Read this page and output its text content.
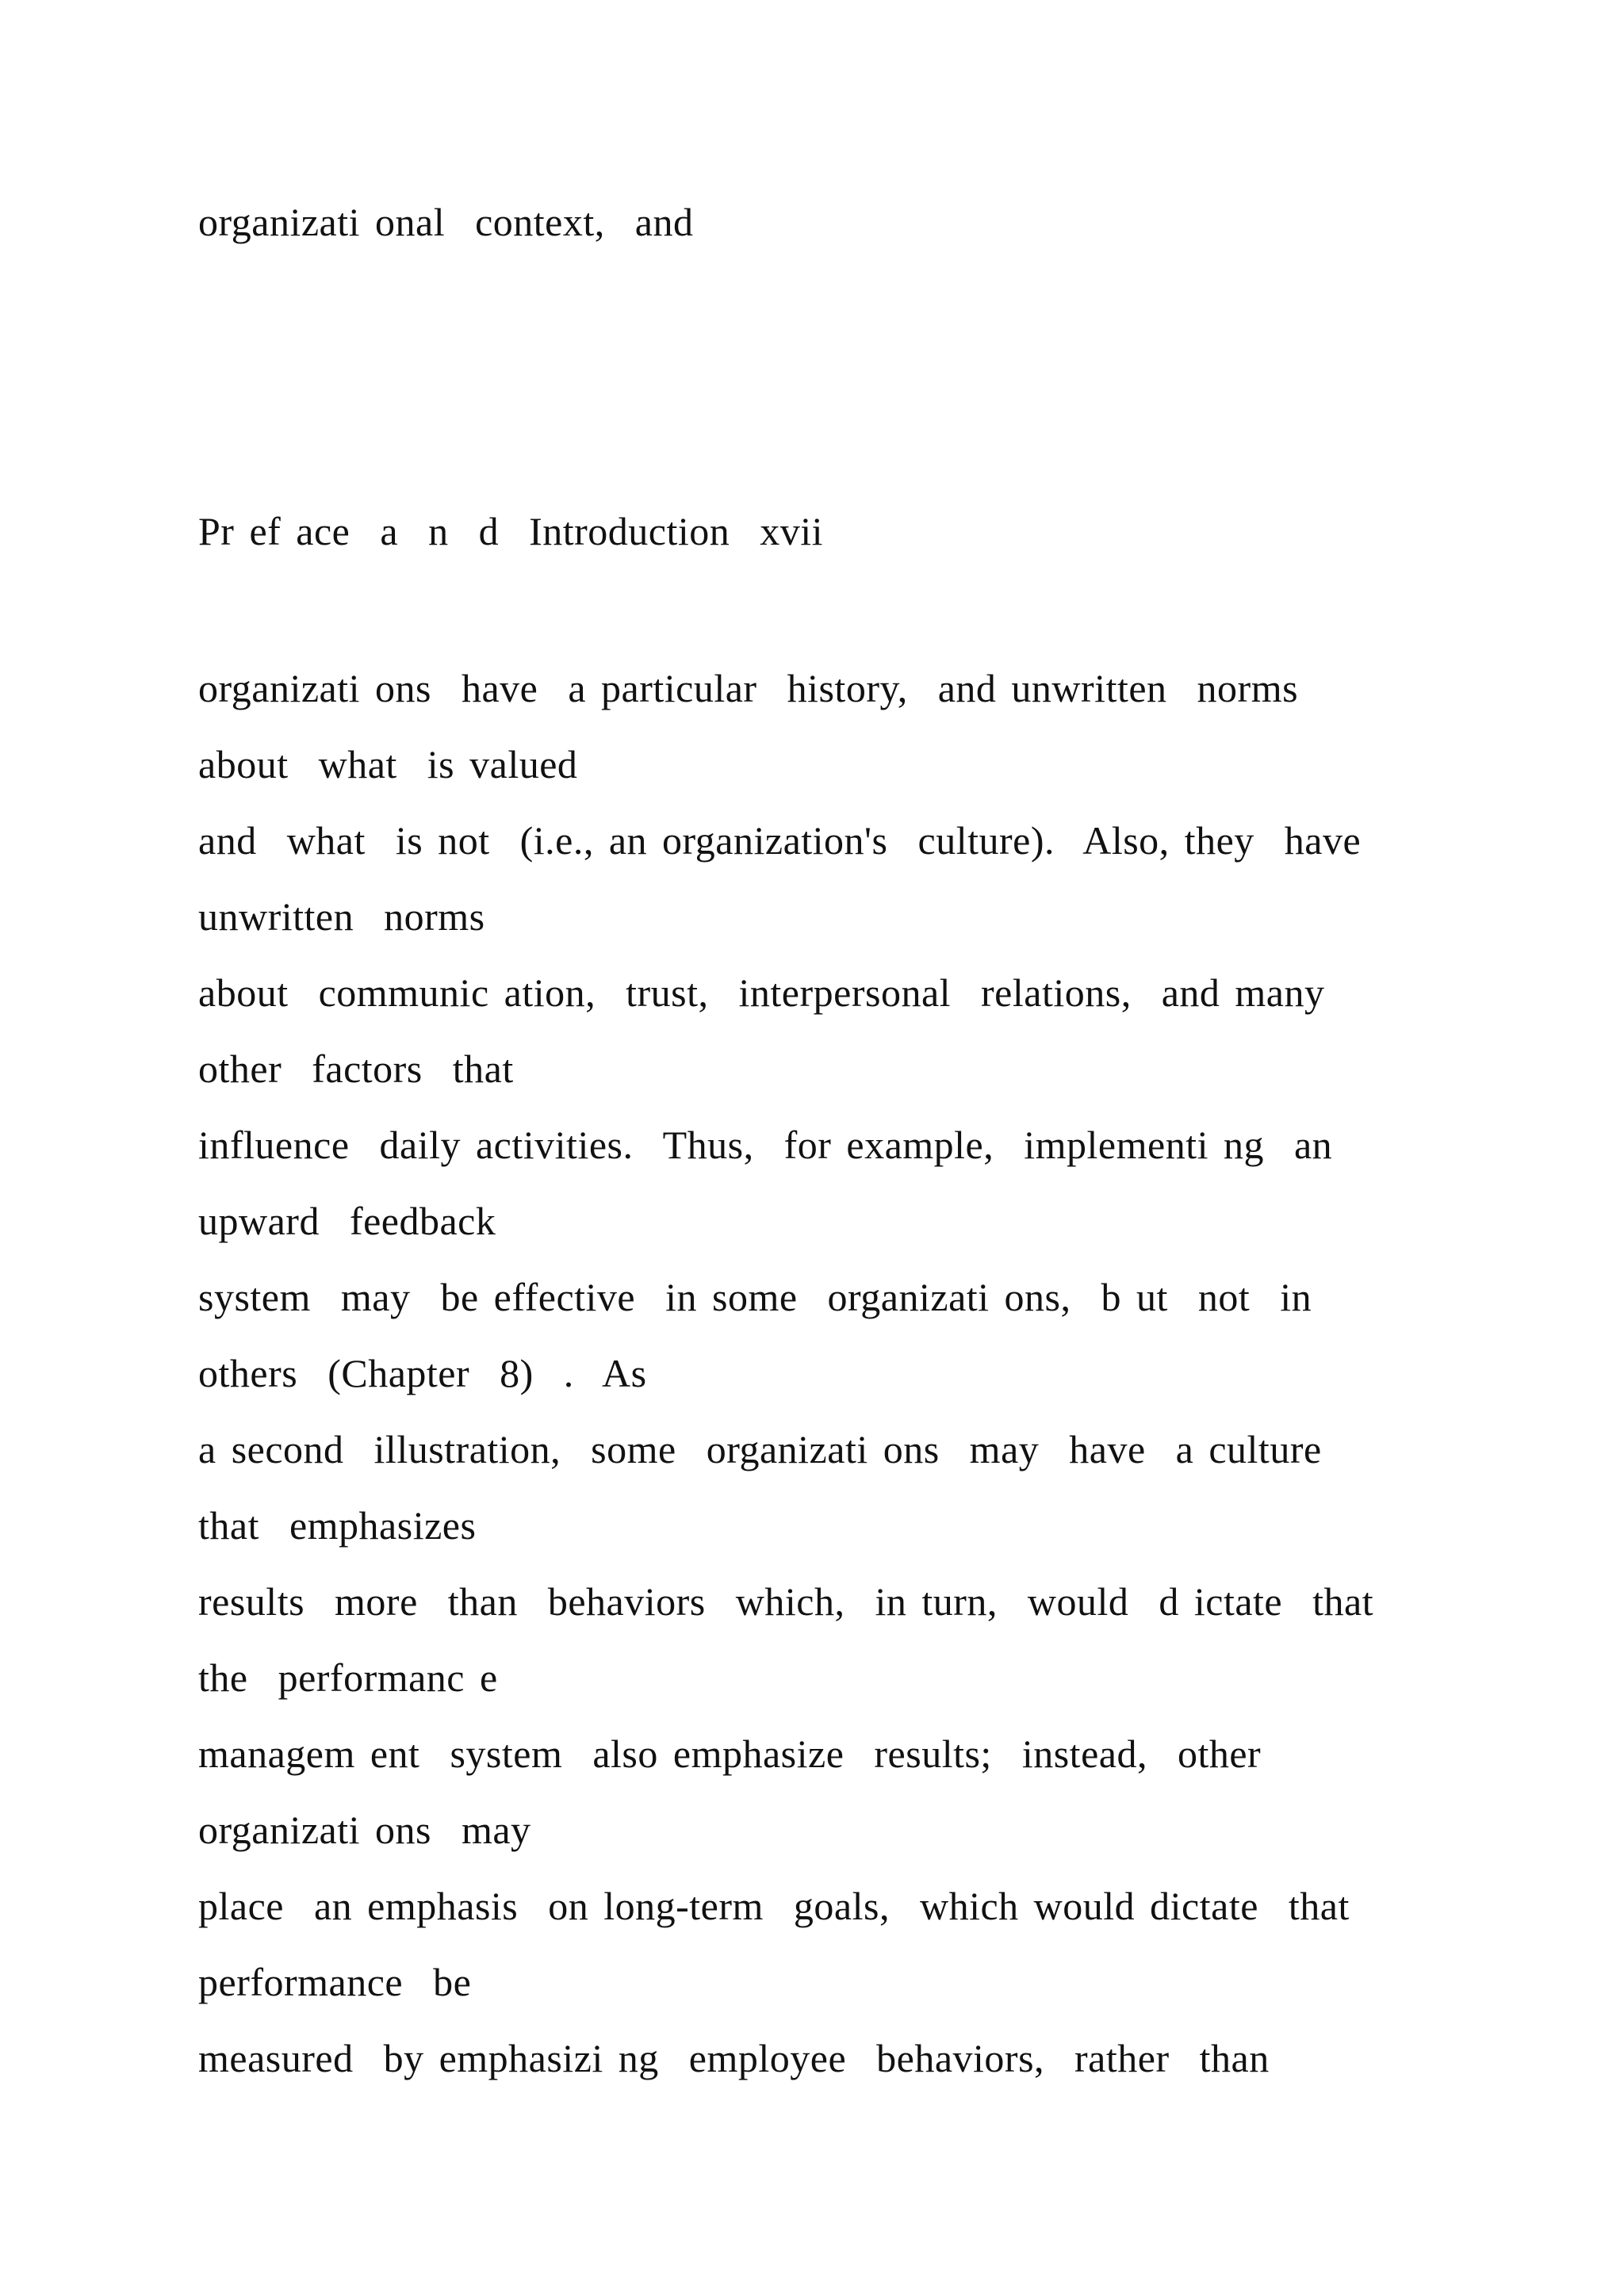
organizati onal  context,  and
Pr ef ace  a  n  d  Introduction  xvii
organizati ons  have  a particular  history,  and unwritten  norms
about  what  is valued
and  what  is not  (i.e., an organization's  culture).  Also, they  have
unwritten  norms
about  communic ation,  trust,  interpersonal  relations,  and many
other  factors  that
influence  daily activities.  Thus,  for example,  implementi ng  an
upward  feedback
system  may  be effective  in some  organizati ons,  b ut  not  in
others  (Chapter  8)  .  As
a second  illustration,  some  organizati ons  may  have  a culture
that  emphasizes
results  more  than  behaviors  which,  in turn,  would  d ictate  that
the  performanc e
managem ent  system  also emphasize  results;  instead,  other
organizati ons  may
place  an emphasis  on long-term  goals,  which would dictate  that
performance  be
measured  by emphasizi ng  employee  behaviors,  rather  than
